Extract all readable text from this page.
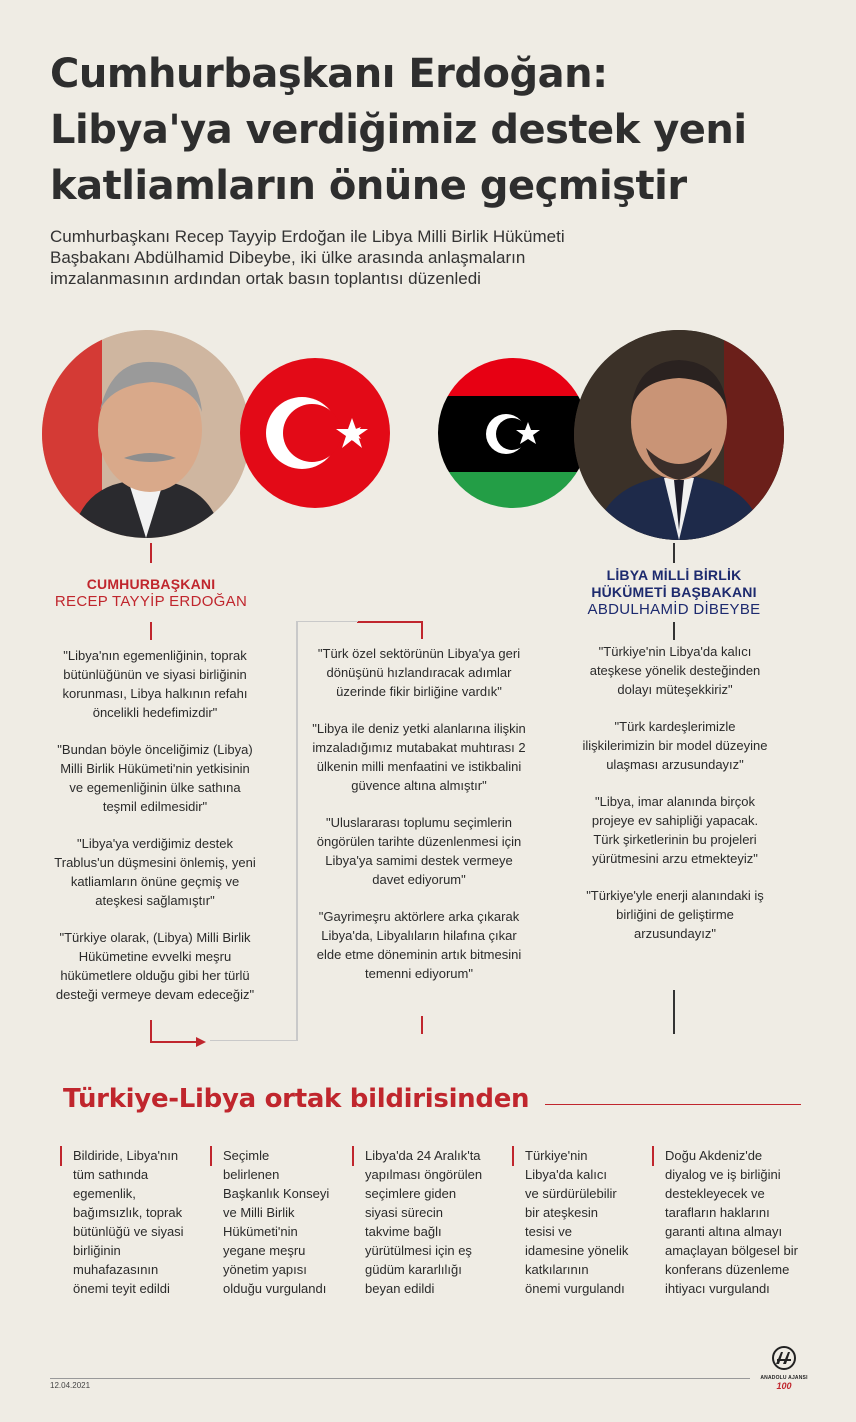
Cumhurbaşkanı Erdoğan:
Libya'ya verdiğimiz destek yeni
katliamların önüne geçmiştir
Cumhurbaşkanı Recep Tayyip Erdoğan ile Libya Milli Birlik Hükümeti
Başbakanı Abdülhamid Dibeybe, iki ülke arasında anlaşmaların
imzalanmasının ardından ortak basın toplantısı düzenledi
CUMHURBAŞKANI
RECEP TAYYİP ERDOĞAN
LİBYA MİLLİ BİRLİK
HÜKÜMETİ BAŞBAKANI
ABDULHAMİD DİBEYBE

"Libya'nın egemenliğinin, toprak bütünlüğünün ve siyasi birliğinin korunması, Libya halkının refahı öncelikli hedefimizdir"

"Bundan böyle önceliğimiz (Libya) Milli Birlik Hükümeti'nin yetkisinin ve egemenliğinin ülke sathına teşmil edilmesidir"

"Libya'ya verdiğimiz destek Trablus'un düşmesini önlemiş, yeni katliamların önüne geçmiş ve ateşkesi sağlamıştır"

"Türkiye olarak, (Libya) Milli Birlik Hükümetine evvelki meşru hükümetlere olduğu gibi her türlü desteği vermeye devam edeceğiz"

"Türk özel sektörünün Libya'ya geri dönüşünü hızlandıracak adımlar üzerinde fikir birliğine vardık"

"Libya ile deniz yetki alanlarına ilişkin imzaladığımız mutabakat muhtırası 2 ülkenin milli menfaatini ve istikbalini güvence altına almıştır"

"Uluslararası toplumu seçimlerin öngörülen tarihte düzenlenmesi için Libya'ya samimi destek vermeye davet ediyorum"

"Gayrimeşru aktörlere arka çıkarak Libya'da, Libyalıların hilafına çıkar elde etme döneminin artık bitmesini temenni ediyorum"

"Türkiye'nin Libya'da kalıcı ateşkese yönelik desteğinden dolayı müteşekkiriz"

"Türk kardeşlerimizle ilişkilerimizin bir model düzeyine ulaşması arzusundayız"

"Libya, imar alanında birçok projeye ev sahipliği yapacak. Türk şirketlerinin bu projeleri yürütmesini arzu etmekteyiz"

"Türkiye'yle enerji alanındaki iş birliğini de geliştirme arzusundayız"

Türkiye-Libya ortak bildirisinden
Bildiride, Libya'nın
tüm sathında
egemenlik,
bağımsızlık, toprak
bütünlüğü ve siyasi
birliğinin
muhafazasının
önemi teyit edildi
Seçimle
belirlenen
Başkanlık Konseyi
ve Milli Birlik
Hükümeti'nin
yegane meşru
yönetim yapısı
olduğu vurgulandı
Libya'da 24 Aralık'ta
yapılması öngörülen
seçimlere giden
siyasi sürecin
takvime bağlı
yürütülmesi için eş
güdüm kararlılığı
beyan edildi
Türkiye'nin
Libya'da kalıcı
ve sürdürülebilir
bir ateşkesin
tesisi ve
idamesine yönelik
katkılarının
önemi vurgulandı
Doğu Akdeniz'de
diyalog ve iş birliğini
destekleyecek ve
tarafların haklarını
garanti altına almayı
amaçlayan bölgesel bir
konferans düzenleme
ihtiyacı vurgulandı
12.04.2021
ANADOLU AJANSI
100
